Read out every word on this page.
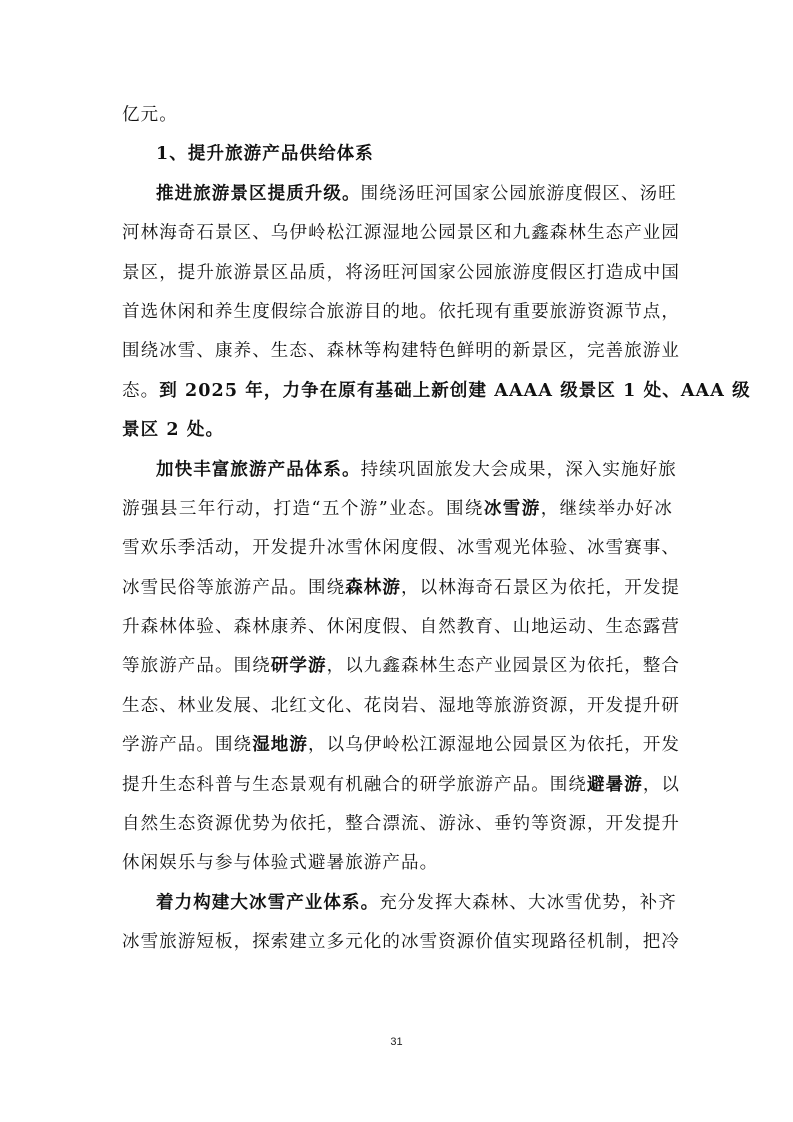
亿元。
1、提升旅游产品供给体系
推进旅游景区提质升级。围绕汤旺河国家公园旅游度假区、汤旺
河林海奇石景区、乌伊岭松江源湿地公园景区和九鑫森林生态产业园
景区，提升旅游景区品质，将汤旺河国家公园旅游度假区打造成中国
首选休闲和养生度假综合旅游目的地。依托现有重要旅游资源节点，
围绕冰雪、康养、生态、森林等构建特色鲜明的新景区，完善旅游业
态。到 2025 年，力争在原有基础上新创建 AAAA 级景区 1 处、AAA 级
景区 2 处。
加快丰富旅游产品体系。持续巩固旅发大会成果，深入实施好旅
游强县三年行动，打造“五个游”业态。围绕冰雪游，继续举办好冰
雪欢乐季活动，开发提升冰雪休闲度假、冰雪观光体验、冰雪赛事、
冰雪民俗等旅游产品。围绕森林游，以林海奇石景区为依托，开发提
升森林体验、森林康养、休闲度假、自然教育、山地运动、生态露营
等旅游产品。围绕研学游，以九鑫森林生态产业园景区为依托，整合
生态、林业发展、北红文化、花岗岩、湿地等旅游资源，开发提升研
学游产品。围绕湿地游，以乌伊岭松江源湿地公园景区为依托，开发
提升生态科普与生态景观有机融合的研学旅游产品。围绕避暑游，以
自然生态资源优势为依托，整合漂流、游泳、垂钓等资源，开发提升
休闲娱乐与参与体验式避暑旅游产品。
着力构建大冰雪产业体系。充分发挥大森林、大冰雪优势，补齐
冰雪旅游短板，探索建立多元化的冰雪资源价值实现路径机制，把冷
31
